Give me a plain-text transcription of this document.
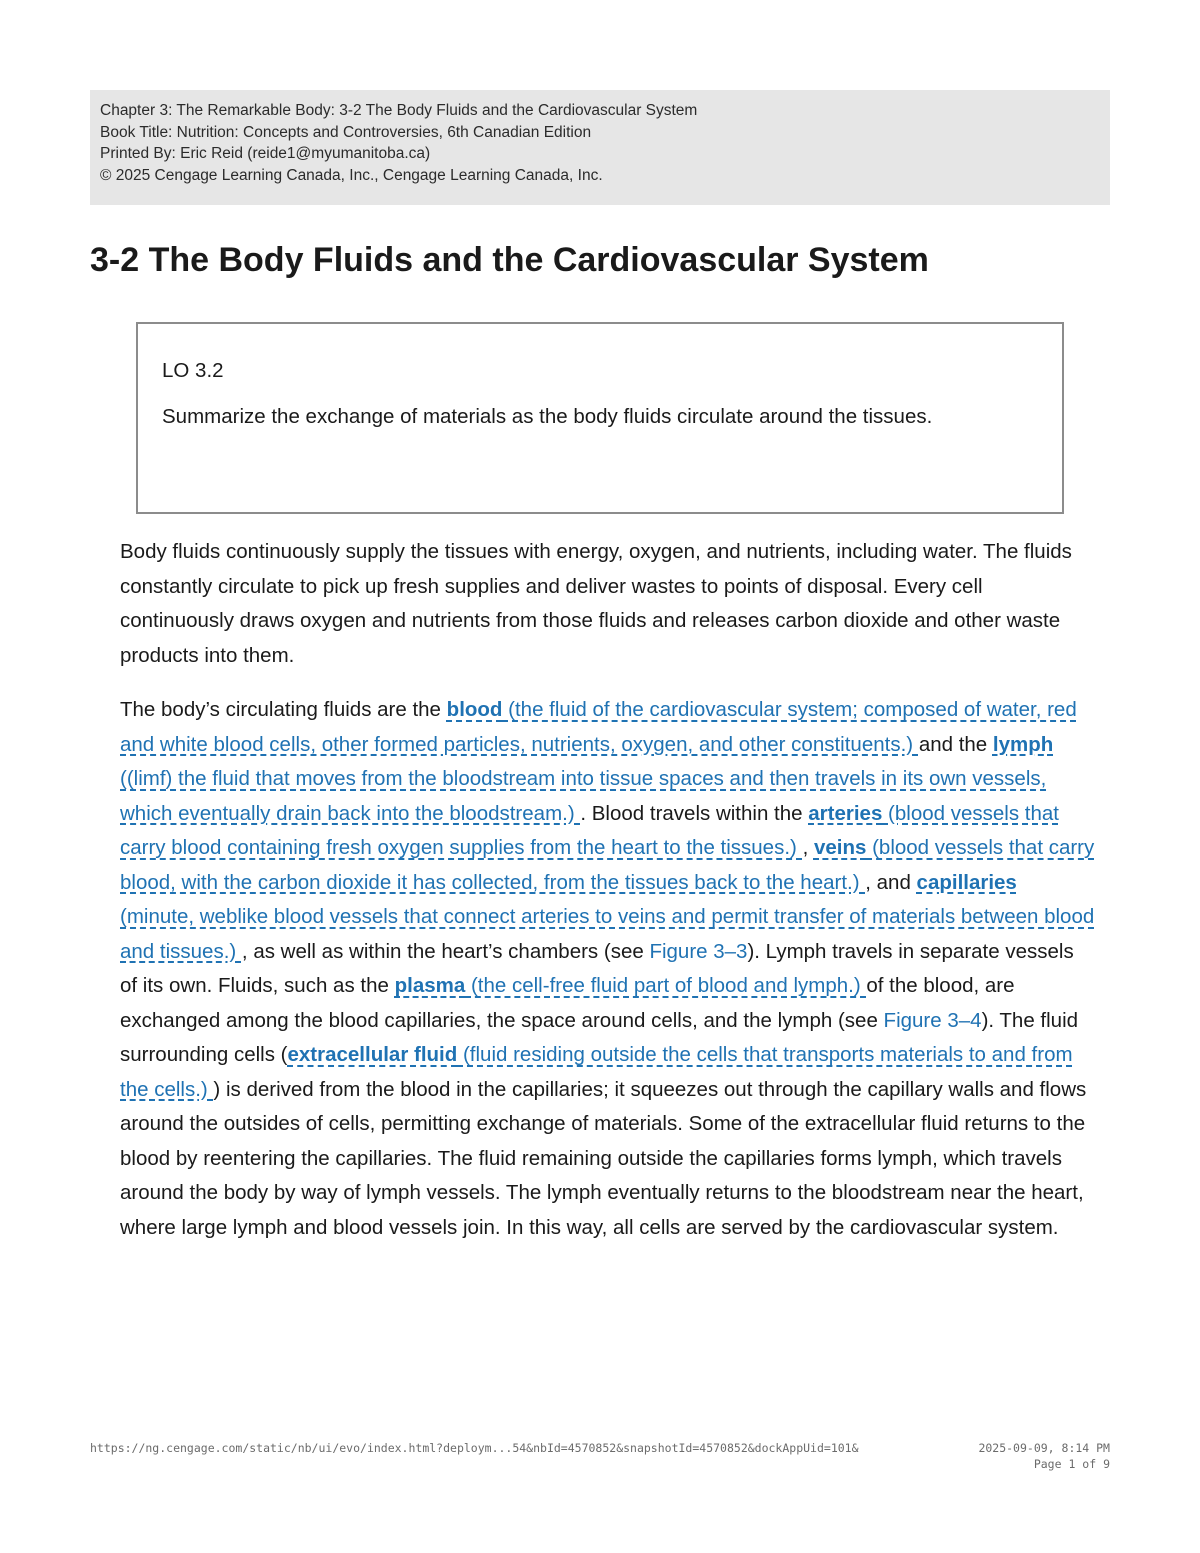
Chapter 3: The Remarkable Body: 3-2 The Body Fluids and the Cardiovascular System
Book Title: Nutrition: Concepts and Controversies, 6th Canadian Edition
Printed By: Eric Reid (reide1@myumanitoba.ca)
© 2025 Cengage Learning Canada, Inc., Cengage Learning Canada, Inc.
3-2 The Body Fluids and the Cardiovascular System

LO 3.2

Summarize the exchange of materials as the body fluids circulate around the tissues.

Body fluids continuously supply the tissues with energy, oxygen, and nutrients, including water. The fluids constantly circulate to pick up fresh supplies and deliver wastes to points of disposal. Every cell continuously draws oxygen and nutrients from those fluids and releases carbon dioxide and other waste products into them.

The body’s circulating fluids are the blood (the fluid of the cardiovascular system; composed of water, red and white blood cells, other formed particles, nutrients, oxygen, and other constituents.) and the lymph ((limf) the fluid that moves from the bloodstream into tissue spaces and then travels in its own vessels, which eventually drain back into the bloodstream.) . Blood travels within the arteries (blood vessels that carry blood containing fresh oxygen supplies from the heart to the tissues.) , veins (blood vessels that carry blood, with the carbon dioxide it has collected, from the tissues back to the heart.) , and capillaries (minute, weblike blood vessels that connect arteries to veins and permit transfer of materials between blood and tissues.) , as well as within the heart’s chambers (see Figure 3–3). Lymph travels in separate vessels of its own. Fluids, such as the plasma (the cell-free fluid part of blood and lymph.) of the blood, are exchanged among the blood capillaries, the space around cells, and the lymph (see Figure 3–4). The fluid surrounding cells (extracellular fluid (fluid residing outside the cells that transports materials to and from the cells.) ) is derived from the blood in the capillaries; it squeezes out through the capillary walls and flows around the outsides of cells, permitting exchange of materials. Some of the extracellular fluid returns to the blood by reentering the capillaries. The fluid remaining outside the capillaries forms lymph, which travels around the body by way of lymph vessels. The lymph eventually returns to the bloodstream near the heart, where large lymph and blood vessels join. In this way, all cells are served by the cardiovascular system.

https://ng.cengage.com/static/nb/ui/evo/index.html?deploym...54&nbId=4570852&snapshotId=4570852&dockAppUid=101&	2025-09-09, 8:14 PM
Page 1 of 9
